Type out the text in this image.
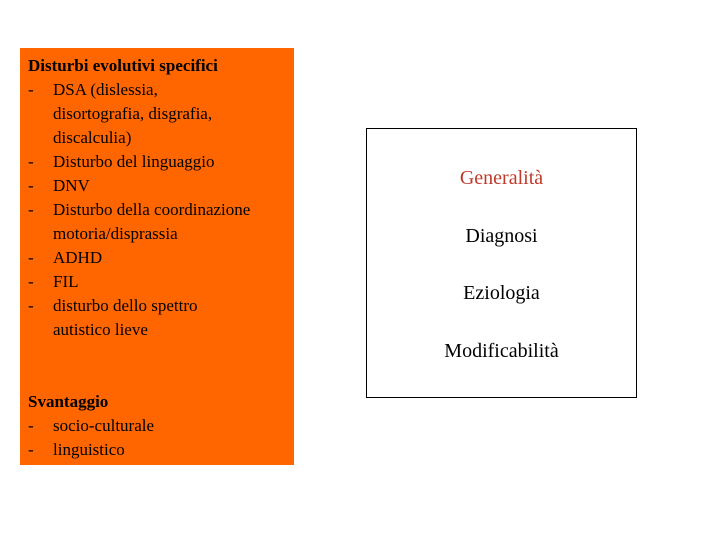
Disturbi evolutivi specifici
-	DSA (dislessia,
disortografia, disgrafia,
discalculia)
-	Disturbo del linguaggio
-	DNV
-	Disturbo della coordinazione
motoria/disprassia
-	ADHD
-	FIL
-	disturbo dello spettro
autistico lieve
Svantaggio
-	socio-culturale
-	linguistico
Generalità
Diagnosi
Eziologia
Modificabilità
